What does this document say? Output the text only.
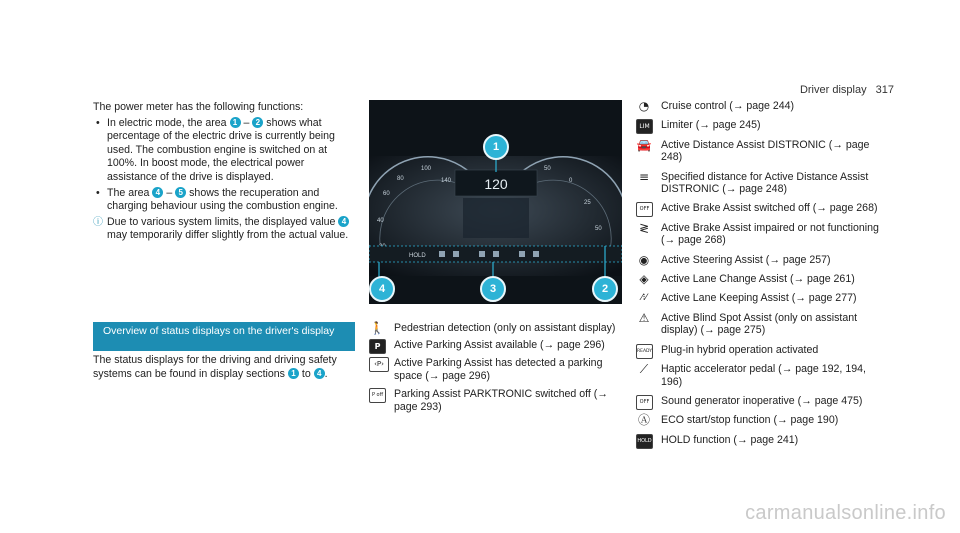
Driver display 317

The power meter has the following functions:

• In electric mode, the area 1 – 2 shows what percentage of the electric drive is currently being used. The combustion engine is switched on at 100%. In boost mode, the electrical power assistance of the drive is displayed.
• The area 4 – 5 shows the recuperation and charging behaviour using the combustion engine.
ⓘ Due to various system limits, the displayed value 4 may temporarily differ slightly from the actual value.
Overview of status displays on the driver's display
The status displays for the driving and driving safety systems can be found in display sections 1 to 4 .
60
80
100
140
40
50
0
25
50
120
HOLD
1
4	3	2
🚶 Pedestrian detection (only on assistant display)
P	Active Parking Assist available (→ page 296)
‹P› Active Parking Assist has detected a parking space (→ page 296)
P off Parking Assist PARKTRONIC switched off (→ page 293)
◔ Cruise control (→ page 244)
LIM	Limiter (→ page 245)
🚘 Active Distance Assist DISTRONIC (→ page 248)
≡ Specified distance for Active Distance Assist DISTRONIC (→ page 248)
OFF	Active Brake Assist switched off (→ page 268)
≷ Active Brake Assist impaired or not functioning (→ page 268)
◉ Active Steering Assist (→ page 257)
◈	Active Lane Change Assist (→ page 261)
⁄⁝⁄	Active Lane Keeping Assist (→ page 277)
⚠ Active Blind Spot Assist (only on assistant display) (→ page 275)
READY Plug-in hybrid operation activated
⟋	Haptic accelerator pedal (→ page 192, 194, 196)
OFF	Sound generator inoperative (→ page 475)
Ⓐ ECO start/stop function (→ page 190)
HOLD HOLD function (→ page 241)
carmanualsonline.info
